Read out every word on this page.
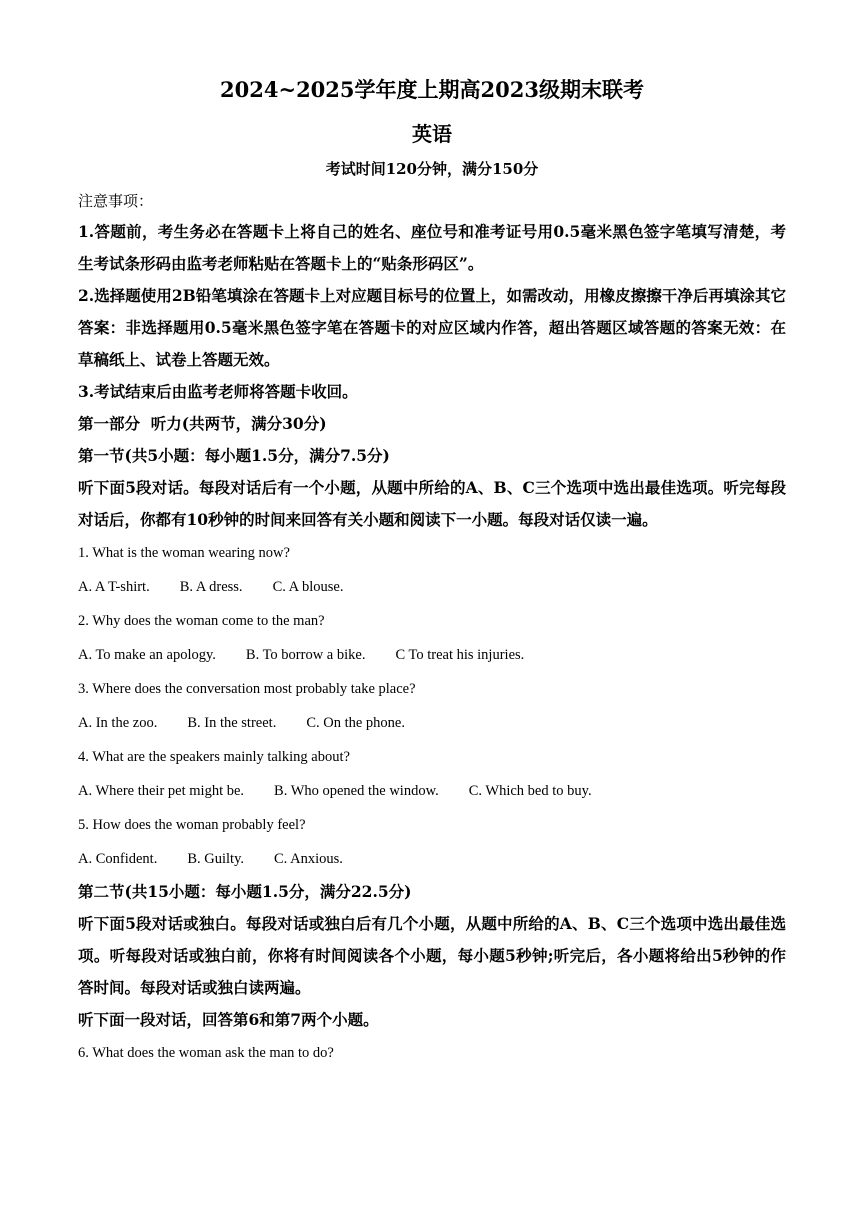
2024~2025学年度上期高2023级期末联考
英语
考试时间120分钟，满分150分
注意事项：
1.答题前，考生务必在答题卡上将自己的姓名、座位号和准考证号用0.5毫米黑色签字笔填写清楚，考生考试条形码由监考老师粘贴在答题卡上的“贴条形码区”。
2.选择题使用2B铅笔填涂在答题卡上对应题目标号的位置上，如需改动，用橡皮擦擦干净后再填涂其它答案：非选择题用0.5毫米黑色签字笔在答题卡的对应区域内作答，超出答题区域答题的答案无效：在草稿纸上、试卷上答题无效。
3.考试结束后由监考老师将答题卡收回。
第一部分  听力(共两节，满分30分)
第一节(共5小题：每小题1.5分，满分7.5分)
听下面5段对话。每段对话后有一个小题，从题中所给的A、B、C三个选项中选出最佳选项。听完每段对话后，你都有10秒钟的时间来回答有关小题和阅读下一小题。每段对话仅读一遍。
1. What is the woman wearing now?
A. A T-shirt. B. A dress. C. A blouse.
2. Why does the woman come to the man?
A. To make an apology. B. To borrow a bike. C To treat his injuries.
3. Where does the conversation most probably take place?
A. In the zoo. B. In the street. C. On the phone.
4. What are the speakers mainly talking about?
A. Where their pet might be. B. Who opened the window. C. Which bed to buy.
5. How does the woman probably feel?
A. Confident. B. Guilty. C. Anxious.
第二节(共15小题：每小题1.5分，满分22.5分)
听下面5段对话或独白。每段对话或独白后有几个小题，从题中所给的A、B、C三个选项中选出最佳选项。听每段对话或独白前，你将有时间阅读各个小题，每小题5秒钟;听完后，各小题将给出5秒钟的作答时间。每段对话或独白读两遍。
听下面一段对话，回答第6和第7两个小题。
6. What does the woman ask the man to do?
